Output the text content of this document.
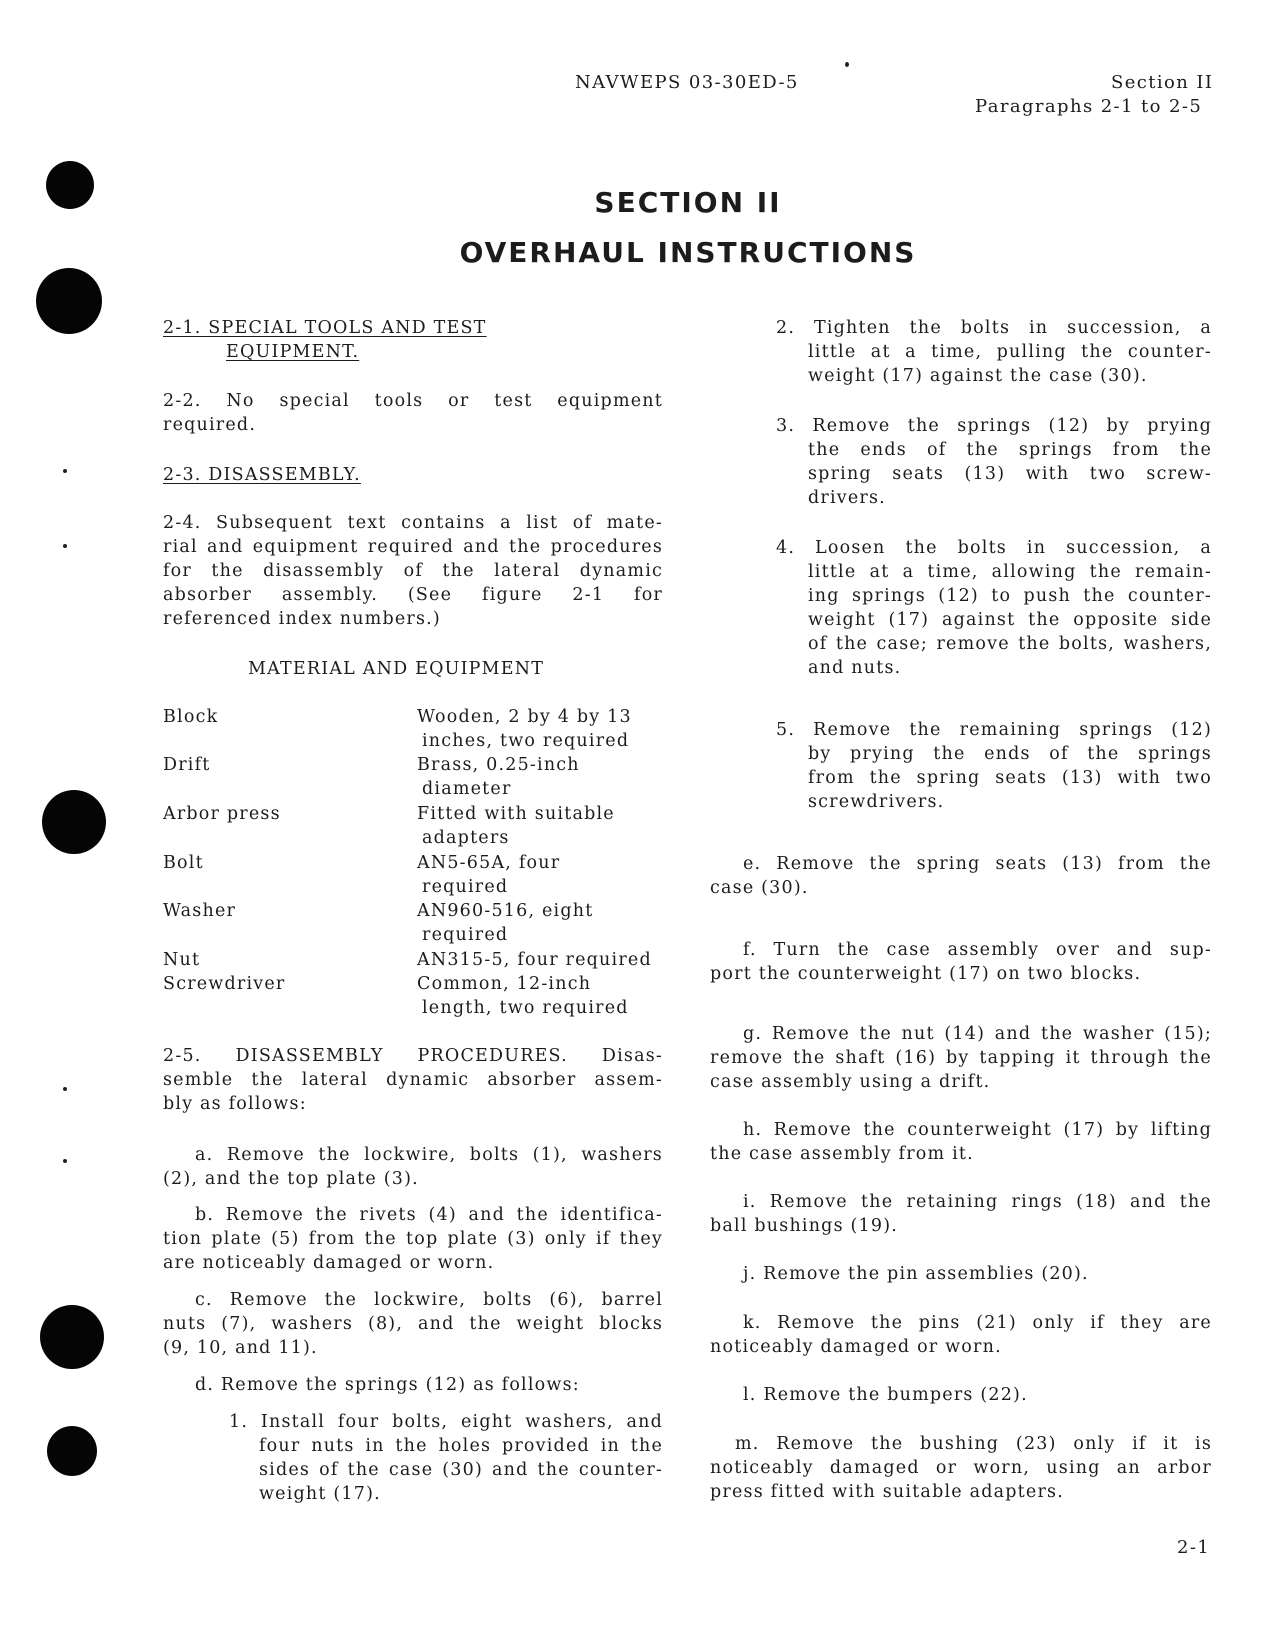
NAVWEPS 03-30ED-5	Section II
Paragraphs 2-1 to 2-5
SECTION II
OVERHAUL INSTRUCTIONS
2-1. SPECIAL TOOLS AND TEST
EQUIPMENT.
2-2. No special tools or test equipment
required.
2-3. DISASSEMBLY.
2-4. Subsequent text contains a list of mate-
rial and equipment required and the procedures
for the disassembly of the lateral dynamic
absorber assembly. (See figure 2-1 for
referenced index numbers.)
MATERIAL AND EQUIPMENT
Block	Wooden, 2 by 4 by 13
inches, two required
Drift	Brass, 0.25-inch
diameter
Arbor press	Fitted with suitable
adapters
Bolt	AN5-65A, four
required
Washer	AN960-516, eight
required
Nut	AN315-5, four required
Screwdriver	Common, 12-inch
length, two required
2-5. DISASSEMBLY PROCEDURES. Disas-
semble the lateral dynamic absorber assem-
bly as follows:
a. Remove the lockwire, bolts (1), washers
(2), and the top plate (3).
b. Remove the rivets (4) and the identifica-
tion plate (5) from the top plate (3) only if they
are noticeably damaged or worn.
c. Remove the lockwire, bolts (6), barrel
nuts (7), washers (8), and the weight blocks
(9, 10, and 11).
d. Remove the springs (12) as follows:
1. Install four bolts, eight washers, and
four nuts in the holes provided in the
sides of the case (30) and the counter-
weight (17).
2. Tighten the bolts in succession, a
little at a time, pulling the counter-
weight (17) against the case (30).
3. Remove the springs (12) by prying
the ends of the springs from the
spring seats (13) with two screw-
drivers.
4. Loosen the bolts in succession, a
little at a time, allowing the remain-
ing springs (12) to push the counter-
weight (17) against the opposite side
of the case; remove the bolts, washers,
and nuts.
5. Remove the remaining springs (12)
by prying the ends of the springs
from the spring seats (13) with two
screwdrivers.
e. Remove the spring seats (13) from the
case (30).
f. Turn the case assembly over and sup-
port the counterweight (17) on two blocks.
g. Remove the nut (14) and the washer (15);
remove the shaft (16) by tapping it through the
case assembly using a drift.
h. Remove the counterweight (17) by lifting
the case assembly from it.
i. Remove the retaining rings (18) and the
ball bushings (19).
j. Remove the pin assemblies (20).
k. Remove the pins (21) only if they are
noticeably damaged or worn.
l. Remove the bumpers (22).
m. Remove the bushing (23) only if it is
noticeably damaged or worn, using an arbor
press fitted with suitable adapters.
2-1
